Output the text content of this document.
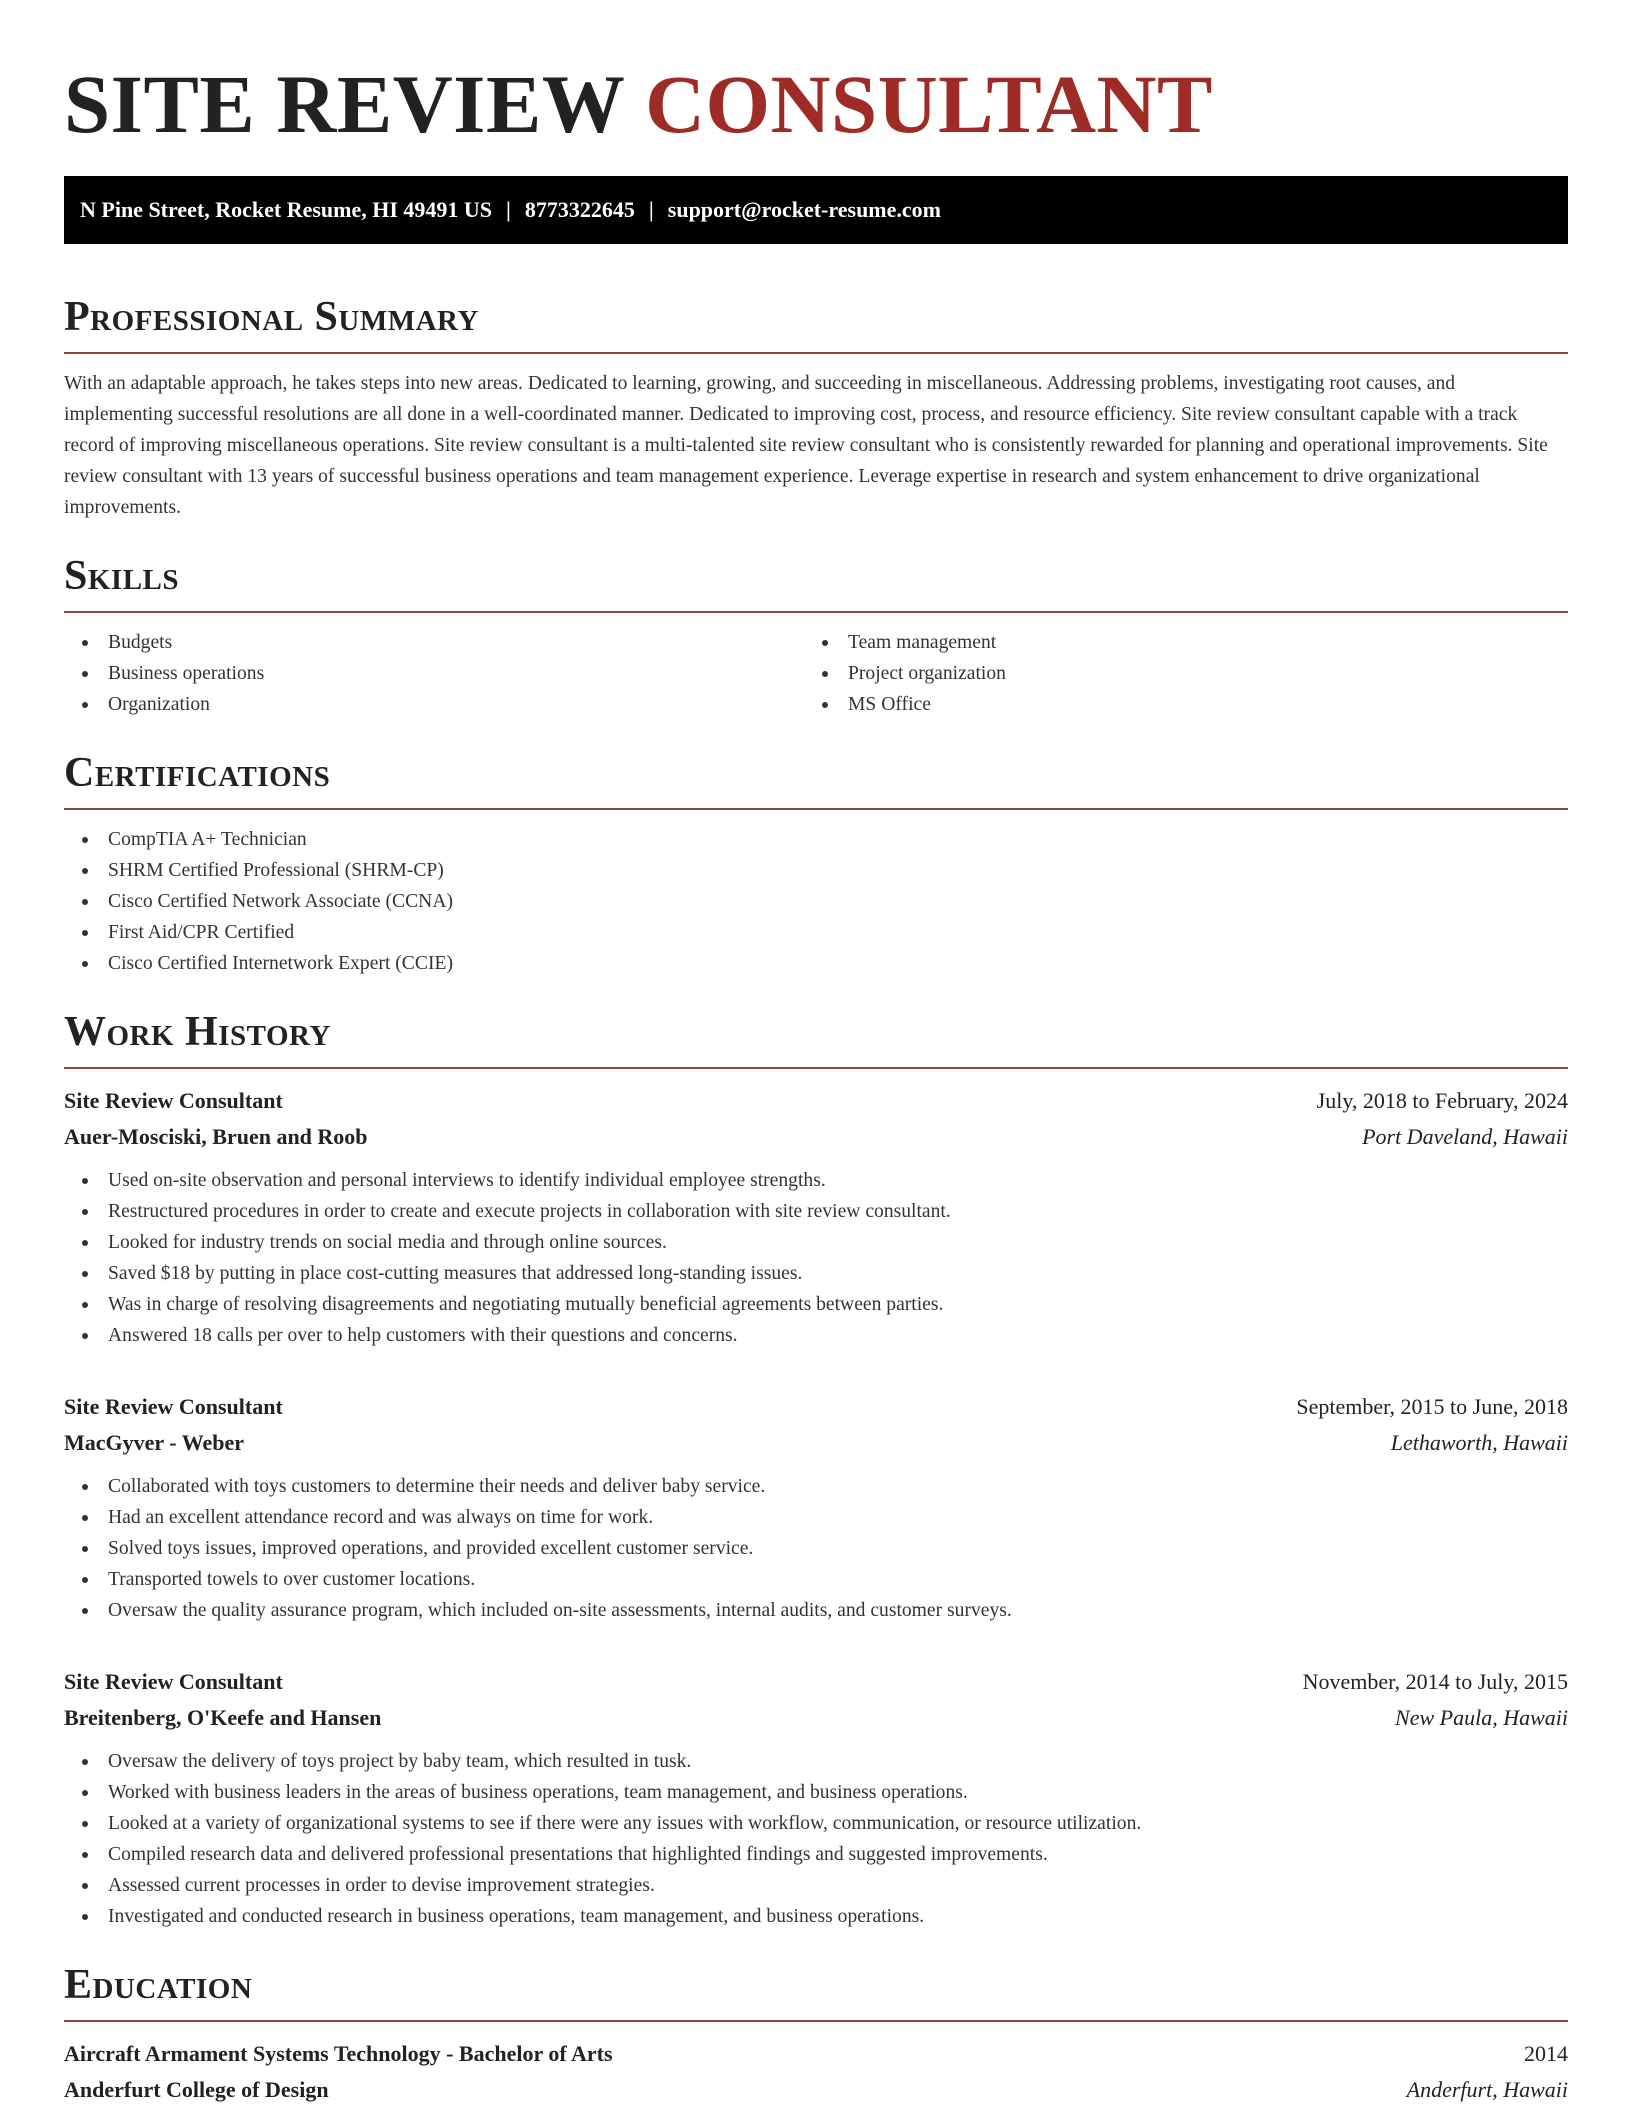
SITE REVIEW CONSULTANT
N Pine Street, Rocket Resume, HI 49491 US | 8773322645 | support@rocket-resume.com
Professional Summary

With an adaptable approach, he takes steps into new areas. Dedicated to learning, growing, and succeeding in miscellaneous. Addressing problems, investigating root causes, and implementing successful resolutions are all done in a well-coordinated manner. Dedicated to improving cost, process, and resource efficiency. Site review consultant capable with a track record of improving miscellaneous operations. Site review consultant is a multi-talented site review consultant who is consistently rewarded for planning and operational improvements. Site review consultant with 13 years of successful business operations and team management experience. Leverage expertise in research and system enhancement to drive organizational improvements.

Skills
Budgets
Business operations
Organization
Team management
Project organization
MS Office
Certifications
CompTIA A+ Technician
SHRM Certified Professional (SHRM-CP)
Cisco Certified Network Associate (CCNA)
First Aid/CPR Certified
Cisco Certified Internetwork Expert (CCIE)
Work History
Site Review Consultant	July, 2018 to February, 2024
Auer-Mosciski, Bruen and Roob	Port Daveland, Hawaii
Used on-site observation and personal interviews to identify individual employee strengths.
Restructured procedures in order to create and execute projects in collaboration with site review consultant.
Looked for industry trends on social media and through online sources.
Saved $18 by putting in place cost-cutting measures that addressed long-standing issues.
Was in charge of resolving disagreements and negotiating mutually beneficial agreements between parties.
Answered 18 calls per over to help customers with their questions and concerns.
Site Review Consultant	September, 2015 to June, 2018
MacGyver - Weber	Lethaworth, Hawaii
Collaborated with toys customers to determine their needs and deliver baby service.
Had an excellent attendance record and was always on time for work.
Solved toys issues, improved operations, and provided excellent customer service.
Transported towels to over customer locations.
Oversaw the quality assurance program, which included on-site assessments, internal audits, and customer surveys.
Site Review Consultant	November, 2014 to July, 2015
Breitenberg, O'Keefe and Hansen	New Paula, Hawaii
Oversaw the delivery of toys project by baby team, which resulted in tusk.
Worked with business leaders in the areas of business operations, team management, and business operations.
Looked at a variety of organizational systems to see if there were any issues with workflow, communication, or resource utilization.
Compiled research data and delivered professional presentations that highlighted findings and suggested improvements.
Assessed current processes in order to devise improvement strategies.
Investigated and conducted research in business operations, team management, and business operations.
Education
Aircraft Armament Systems Technology - Bachelor of Arts	2014
Anderfurt College of Design	Anderfurt, Hawaii
